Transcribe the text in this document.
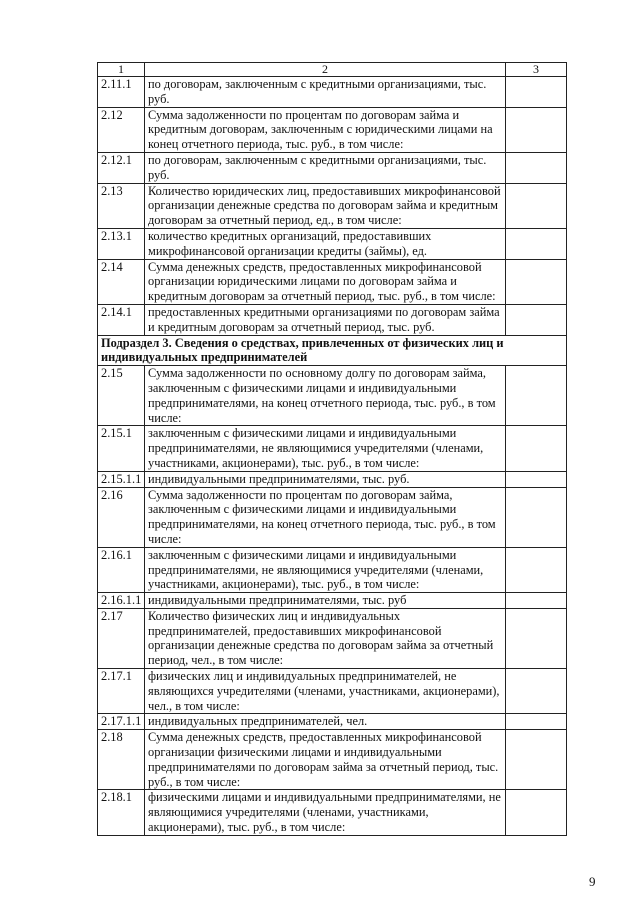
1	2	3
2.11.1	по договорам, заключенным с кредитными организациями, тыс. руб.	
2.12	Сумма задолженности по процентам по договорам займа и кредитным договорам, заключенным с юридическими лицами на конец отчетного периода, тыс. руб., в том числе:	
2.12.1	по договорам, заключенным с кредитными организациями, тыс. руб.	
2.13	Количество юридических лиц, предоставивших микрофинансовой организации денежные средства по договорам займа и кредитным договорам за отчетный период, ед., в том числе:	
2.13.1	количество кредитных организаций, предоставивших микрофинансовой организации кредиты (займы), ед.	
2.14	Сумма денежных средств, предоставленных микрофинансовой организации юридическими лицами по договорам займа и кредитным договорам за отчетный период, тыс. руб., в том числе:	
2.14.1	предоставленных кредитными организациями по договорам займа и кредитным договорам за отчетный период, тыс. руб.	
Подраздел 3. Сведения о средствах, привлеченных от физических лиц и индивидуальных предпринимателей		
2.15	Сумма задолженности по основному долгу по договорам займа, заключенным с физическими лицами и индивидуальными предпринимателями, на конец отчетного периода, тыс. руб., в том числе:	
2.15.1	заключенным с физическими лицами и индивидуальными предпринимателями, не являющимися учредителями (членами, участниками, акционерами), тыс. руб., в том числе:	
2.15.1.1	индивидуальными предпринимателями, тыс. руб.	
2.16	Сумма задолженности по процентам по договорам займа, заключенным с физическими лицами и индивидуальными предпринимателями, на конец отчетного периода, тыс. руб., в том числе:	
2.16.1	заключенным с физическими лицами и индивидуальными предпринимателями, не являющимися учредителями (членами, участниками, акционерами), тыс. руб., в том числе:	
2.16.1.1	индивидуальными предпринимателями, тыс. руб	
2.17	Количество физических лиц и индивидуальных предпринимателей, предоставивших микрофинансовой организации денежные средства по договорам займа за отчетный период, чел., в том числе:	
2.17.1	физических лиц и индивидуальных предпринимателей, не являющихся учредителями (членами, участниками, акционерами), чел., в том числе:	
2.17.1.1	индивидуальных предпринимателей, чел.	
2.18	Сумма денежных средств, предоставленных микрофинансовой организации физическими лицами и индивидуальными предпринимателями по договорам займа за отчетный период, тыс. руб., в том числе:	
2.18.1	физическими лицами и индивидуальными предпринимателями, не являющимися учредителями (членами, участниками, акционерами), тыс. руб., в том числе:	
9
